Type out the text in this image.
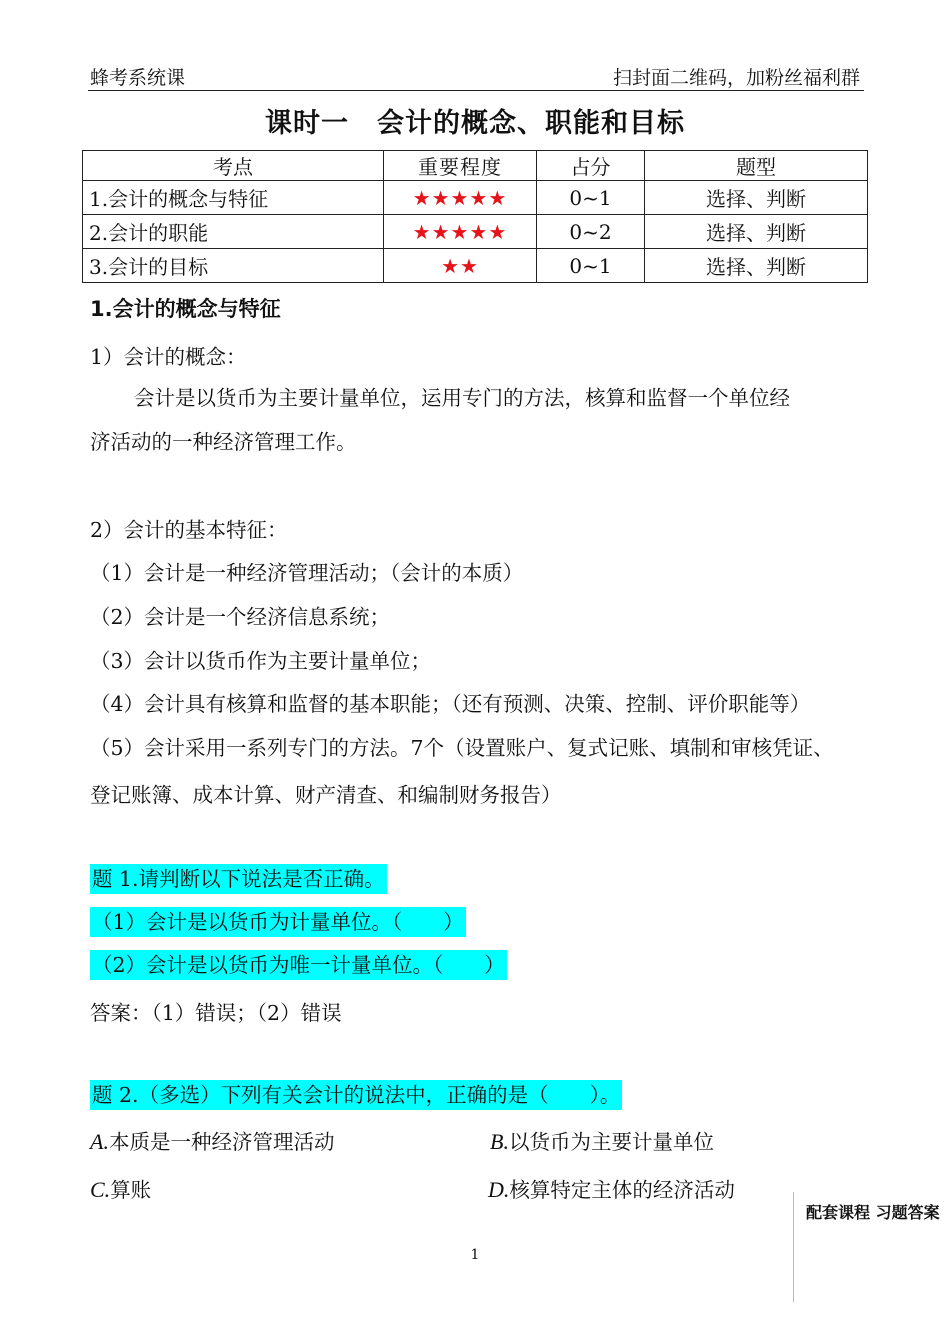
蜂考系统课	扫封面二维码，加粉丝福利群
课时一　会计的概念、职能和目标
考点	重要程度	占分	题型
1.会计的概念与特征	★★★★★	0~1	选择、判断
2.会计的职能	★★★★★	0~2	选择、判断
3.会计的目标	★★	0~1	选择、判断
1.会计的概念与特征
1）会计的概念：
会计是以货币为主要计量单位，运用专门的方法，核算和监督一个单位经
济活动的一种经济管理工作。
2）会计的基本特征：
（1）会计是一种经济管理活动；（会计的本质）
（2）会计是一个经济信息系统；
（3）会计以货币作为主要计量单位；
（4）会计具有核算和监督的基本职能；（还有预测、决策、控制、评价职能等）
（5）会计采用一系列专门的方法。7个（设置账户、复式记账、填制和审核凭证、
登记账簿、成本计算、财产清查、和编制财务报告）
题 1.请判断以下说法是否正确。
（1）会计是以货币为计量单位。（　　）
（2）会计是以货币为唯一计量单位。（　　）
答案：（1）错误；（2）错误
题 2.（多选）下列有关会计的说法中，正确的是（　　）。
A.本质是一种经济管理活动	B.以货币为主要计量单位
C.算账	D.核算特定主体的经济活动
配套课程 习题答案
1
